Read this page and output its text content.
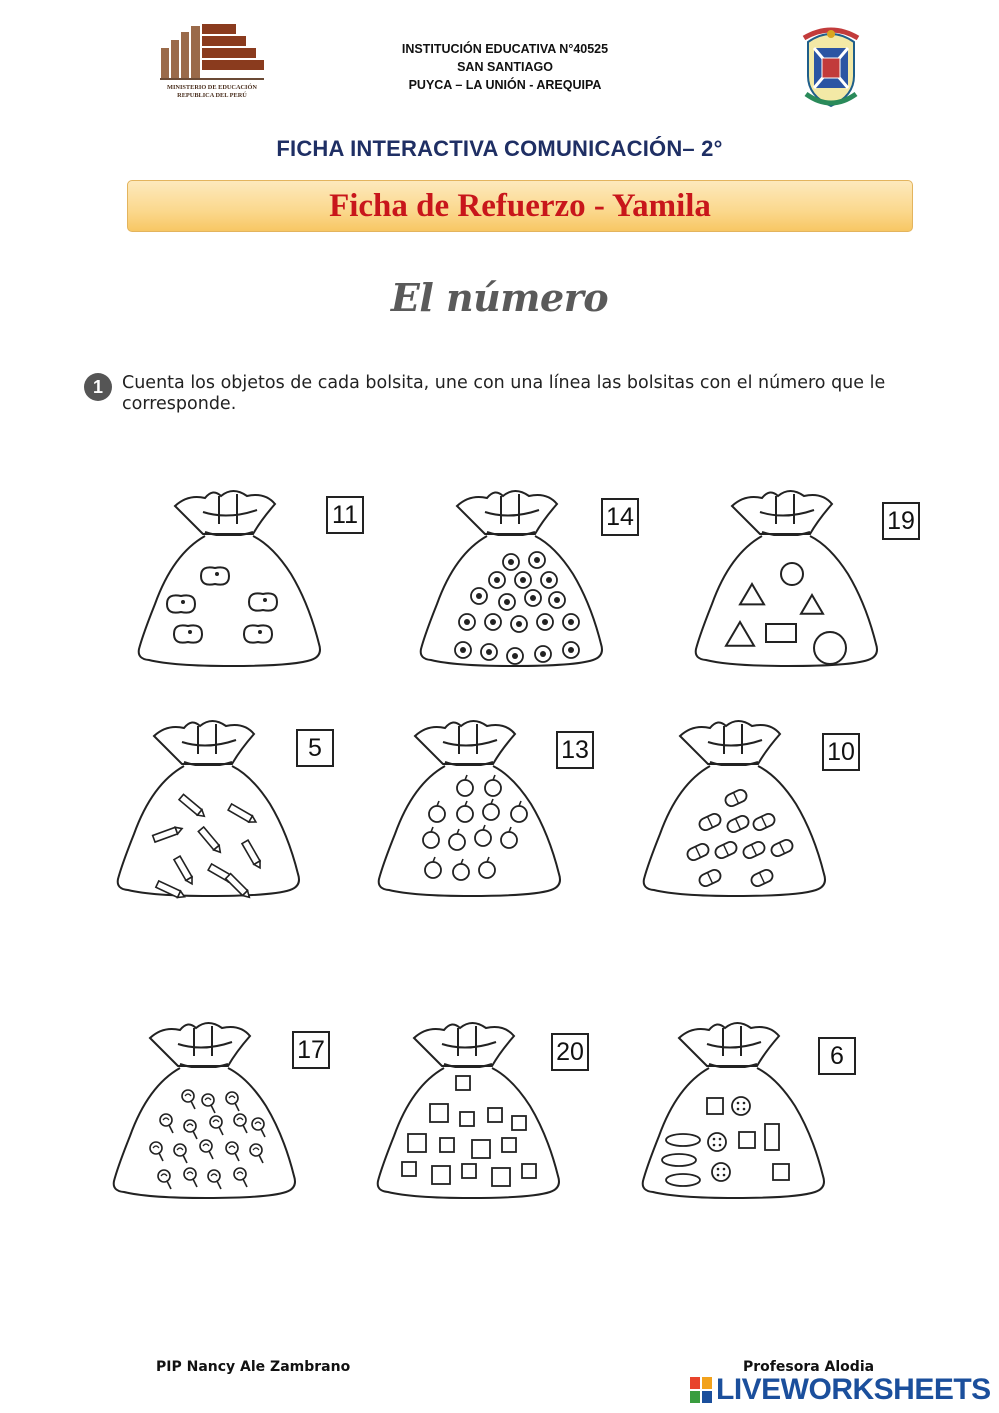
MINISTERIO DE EDUCACIÓN
REPUBLICA DEL PERÚ
INSTITUCIÓN EDUCATIVA N°40525
SAN SANTIAGO
PUYCA – LA UNIÓN - AREQUIPA
FICHA INTERACTIVA COMUNICACIÓN– 2°
Ficha de Refuerzo - Yamila
El número
1	Cuenta los objetos de cada bolsita, une con una línea las bolsitas con el número que le corresponde.
11	14	19
5	13	10
17	20	6
PIP Nancy Ale Zambrano	Profesora Alodia
LIVEWORKSHEETS
